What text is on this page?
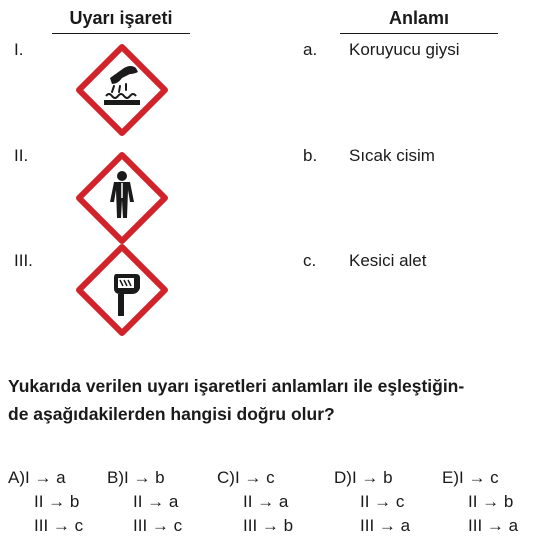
Uyarı işareti	Anlamı
I.	a. Koruyucu giysi
II.	b. Sıcak cisim
III.	c. Kesici alet
Yukarıda verilen uyarı işaretleri anlamları ile eşleştiğin-
de aşağıdakilerden hangisi doğru olur?
A)I → a
II → b
III → c
B)I → b
II → a
III → c
C)I → c
II → a
III → b
D)I → b
II → c
III → a
E)I → c
II → b
III → a
